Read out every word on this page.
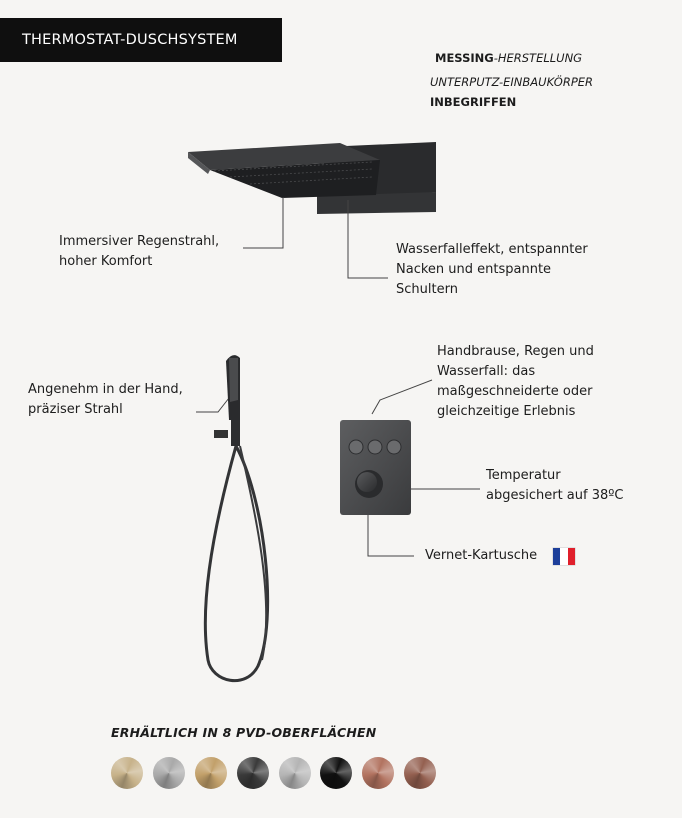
THERMOSTAT-DUSCHSYSTEM
MESSING-HERSTELLUNG
UNTERPUTZ-EINBAUKÖRPER
INBEGRIFFEN
Immersiver Regenstrahl,
hoher Komfort
Wasserfalleffekt, entspannter
Nacken und entspannte
Schultern
Angenehm in der Hand,
präziser Strahl
Handbrause, Regen und
Wasserfall: das
maßgeschneiderte oder
gleichzeitige Erlebnis
Temperatur
abgesichert auf 38ºC
Vernet-Kartusche
ERHÄLTLICH IN 8 PVD-OBERFLÄCHEN
